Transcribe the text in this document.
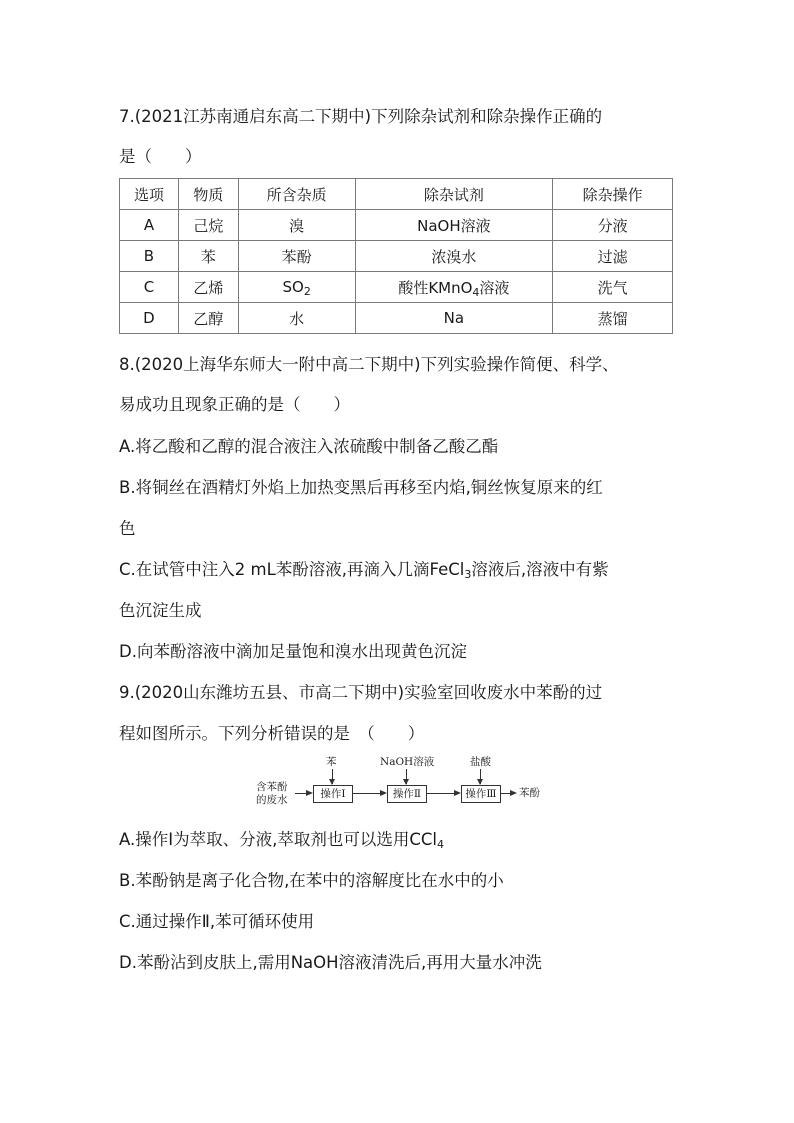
7.(2021江苏南通启东高二下期中)下列除杂试剂和除杂操作正确的
是（　　）
选项	物质	所含杂质	除杂试剂	除杂操作
A	己烷	溴	NaOH溶液	分液
B	苯	苯酚	浓溴水	过滤
C	乙烯	$SO_2$	酸性KMnO$_4$溶液	洗气
D	乙醇	水	Na	蒸馏
8.(2020上海华东师大一附中高二下期中)下列实验操作简便、科学、
易成功且现象正确的是（　　）
A.将乙酸和乙醇的混合液注入浓硫酸中制备乙酸乙酯
B.将铜丝在酒精灯外焰上加热变黑后再移至内焰,铜丝恢复原来的红
色
C.在试管中注入2 mL苯酚溶液,再滴入几滴FeCl$_3$溶液后,溶液中有紫
色沉淀生成
D.向苯酚溶液中滴加足量饱和溴水出现黄色沉淀
9.(2020山东潍坊五县、市高二下期中)实验室回收废水中苯酚的过
程如图所示。下列分析错误的是　（　　）
含苯酚
的废水	操作Ⅰ	操作Ⅱ	操作Ⅲ	苯酚
苯	NaOH溶液	盐酸
A.操作Ⅰ为萃取、分液,萃取剂也可以选用CCl$_4$
B.苯酚钠是离子化合物,在苯中的溶解度比在水中的小
C.通过操作Ⅱ,苯可循环使用
D.苯酚沾到皮肤上,需用NaOH溶液清洗后,再用大量水冲洗
